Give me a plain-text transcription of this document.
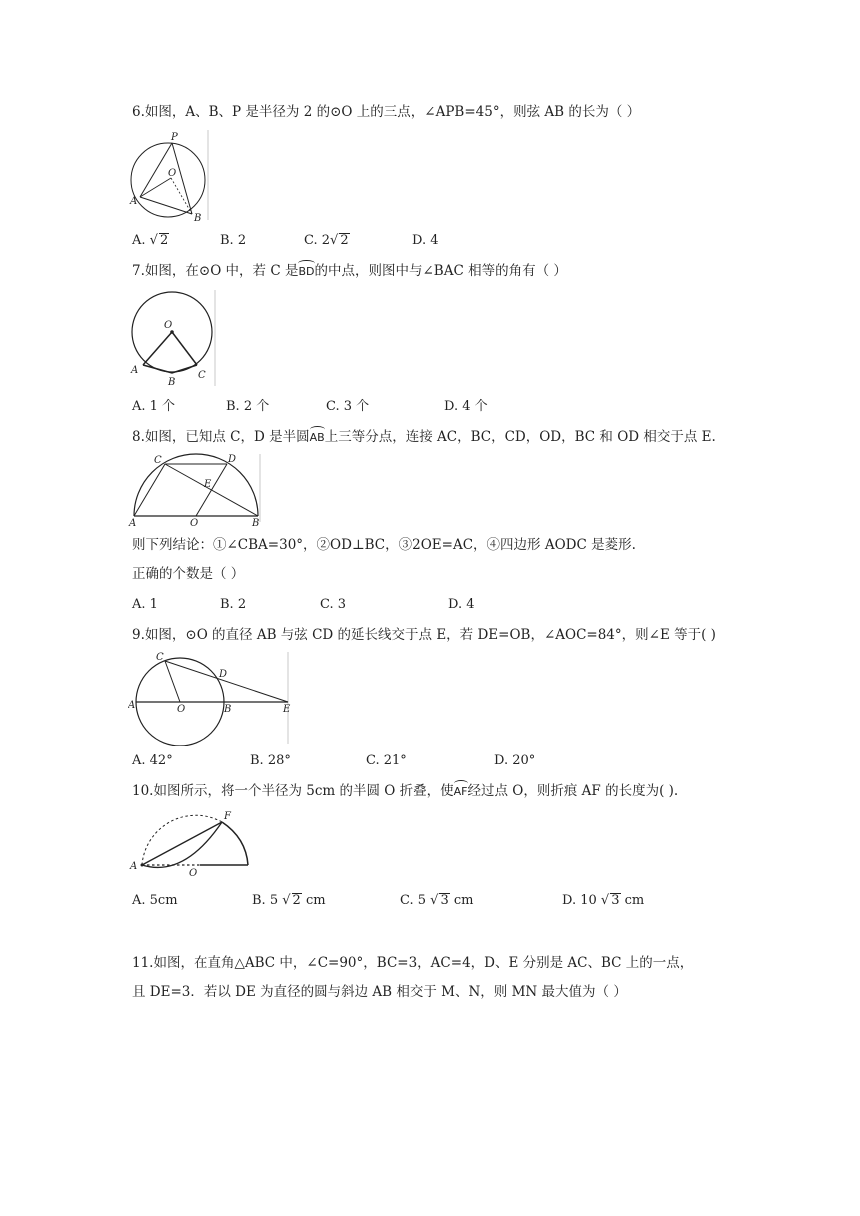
6.如图，A、B、P 是半径为 2 的⊙O 上的三点，∠APB=45°，则弦 AB 的长为（ ）
P
O
A
B
A. √ 2	B. 2	C. 2√ 2	D. 4
7.如图，在⊙O 中，若 C 是BD的中点，则图中与∠BAC 相等的角有（ ）
O
A
B
C
A. 1 个	B. 2 个	C. 3 个	D. 4 个
8.如图，已知点 C，D 是半圆AB上三等分点，连接 AC，BC，CD，OD，BC 和 OD 相交于点 E.
C	D
E
A	O	B
则下列结论：①∠CBA=30°，②OD⊥BC，③2OE=AC，④四边形 AODC 是菱形.
正确的个数是（ ）
A. 1	B. 2	C. 3	D. 4
9.如图，⊙O 的直径 AB 与弦 CD 的延长线交于点 E，若 DE=OB，∠AOC=84°，则∠E 等于( )
C
D
A	O	B	E
A. 42°	B. 28°	C. 21°	D. 20°
10.如图所示，将一个半径为 5cm 的半圆 O 折叠，使AF经过点 O，则折痕 AF 的长度为( ).
F
A
O
A. 5cm	B. 5 √ 2 cm	C. 5 √ 3 cm	D. 10 √ 3 cm
11.如图，在直角△ABC 中，∠C=90°，BC=3，AC=4，D、E 分别是 AC、BC 上的一点，
且 DE=3．若以 DE 为直径的圆与斜边 AB 相交于 M、N，则 MN 最大值为（ ）
